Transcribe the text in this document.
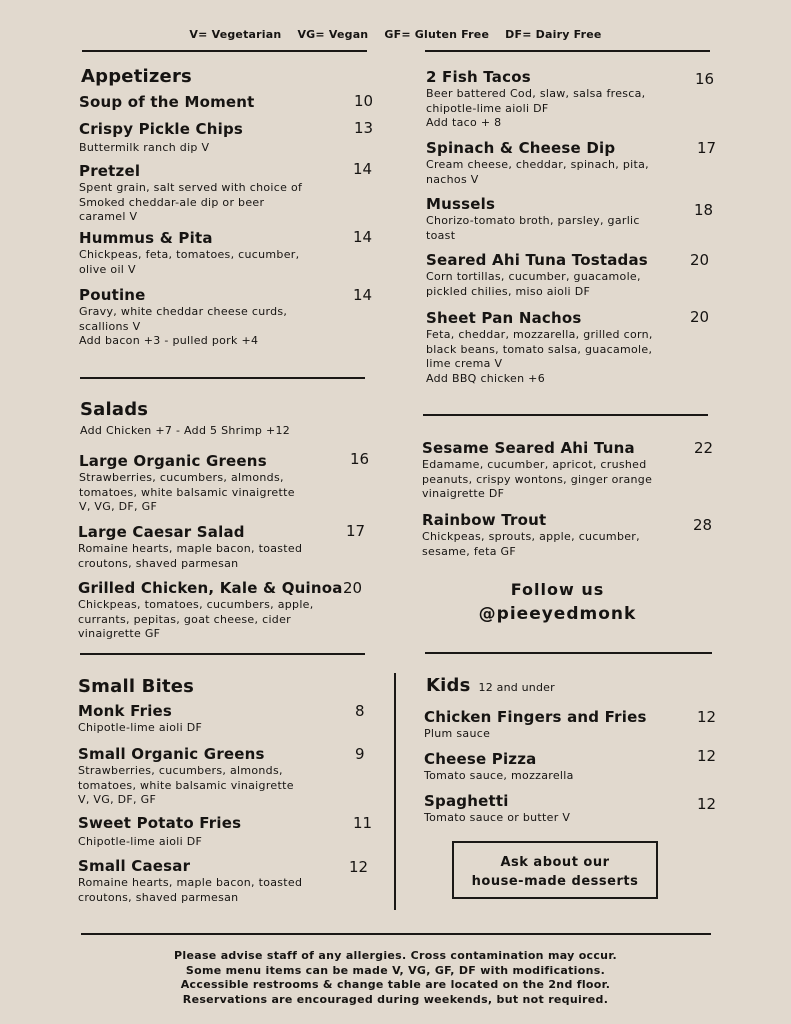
V= Vegetarian VG= Vegan GF= Gluten Free DF= Dairy Free
Appetizers
Soup of the Moment	10
Crispy Pickle Chips
Buttermilk ranch dip V
13
Pretzel
Spent grain, salt served with choice of
Smoked cheddar-ale dip or beer
caramel V
14
Hummus & Pita
Chickpeas, feta, tomatoes, cucumber,
olive oil V
14
Poutine
Gravy, white cheddar cheese curds,
scallions V
Add bacon +3 - pulled pork +4
14
2 Fish Tacos
Beer battered Cod, slaw, salsa fresca,
chipotle-lime aioli DF
Add taco + 8
16
Spinach & Cheese Dip
Cream cheese, cheddar, spinach, pita,
nachos V
17
Mussels
Chorizo-tomato broth, parsley, garlic
toast
18
Seared Ahi Tuna Tostadas
Corn tortillas, cucumber, guacamole,
pickled chilies, miso aioli DF
20
Sheet Pan Nachos
Feta, cheddar, mozzarella, grilled corn,
black beans, tomato salsa, guacamole,
lime crema V
Add BBQ chicken +6
20
Salads
Add Chicken +7 - Add 5 Shrimp +12
Large Organic Greens
Strawberries, cucumbers, almonds,
tomatoes, white balsamic vinaigrette
V, VG, DF, GF
16
Large Caesar Salad
Romaine hearts, maple bacon, toasted
croutons, shaved parmesan
17
Grilled Chicken, Kale & Quinoa
Chickpeas, tomatoes, cucumbers, apple,
currants, pepitas, goat cheese, cider
vinaigrette GF
20
Sesame Seared Ahi Tuna
Edamame, cucumber, apricot, crushed
peanuts, crispy wontons, ginger orange
vinaigrette DF
22
Rainbow Trout
Chickpeas, sprouts, apple, cucumber,
sesame, feta GF
28
Follow us
@pieeyedmonk
Small Bites
Monk Fries
Chipotle-lime aioli DF
8
Small Organic Greens
Strawberries, cucumbers, almonds,
tomatoes, white balsamic vinaigrette
V, VG, DF, GF
9
Sweet Potato Fries
Chipotle-lime aioli DF
11
Small Caesar
Romaine hearts, maple bacon, toasted
croutons, shaved parmesan
12
Kids 12 and under
Chicken Fingers and Fries
Plum sauce
12
Cheese Pizza
Tomato sauce, mozzarella
12
Spaghetti
Tomato sauce or butter V
12
Ask about our
house-made desserts
Please advise staff of any allergies. Cross contamination may occur.
Some menu items can be made V, VG, GF, DF with modifications.
Accessible restrooms & change table are located on the 2nd floor.
Reservations are encouraged during weekends, but not required.
